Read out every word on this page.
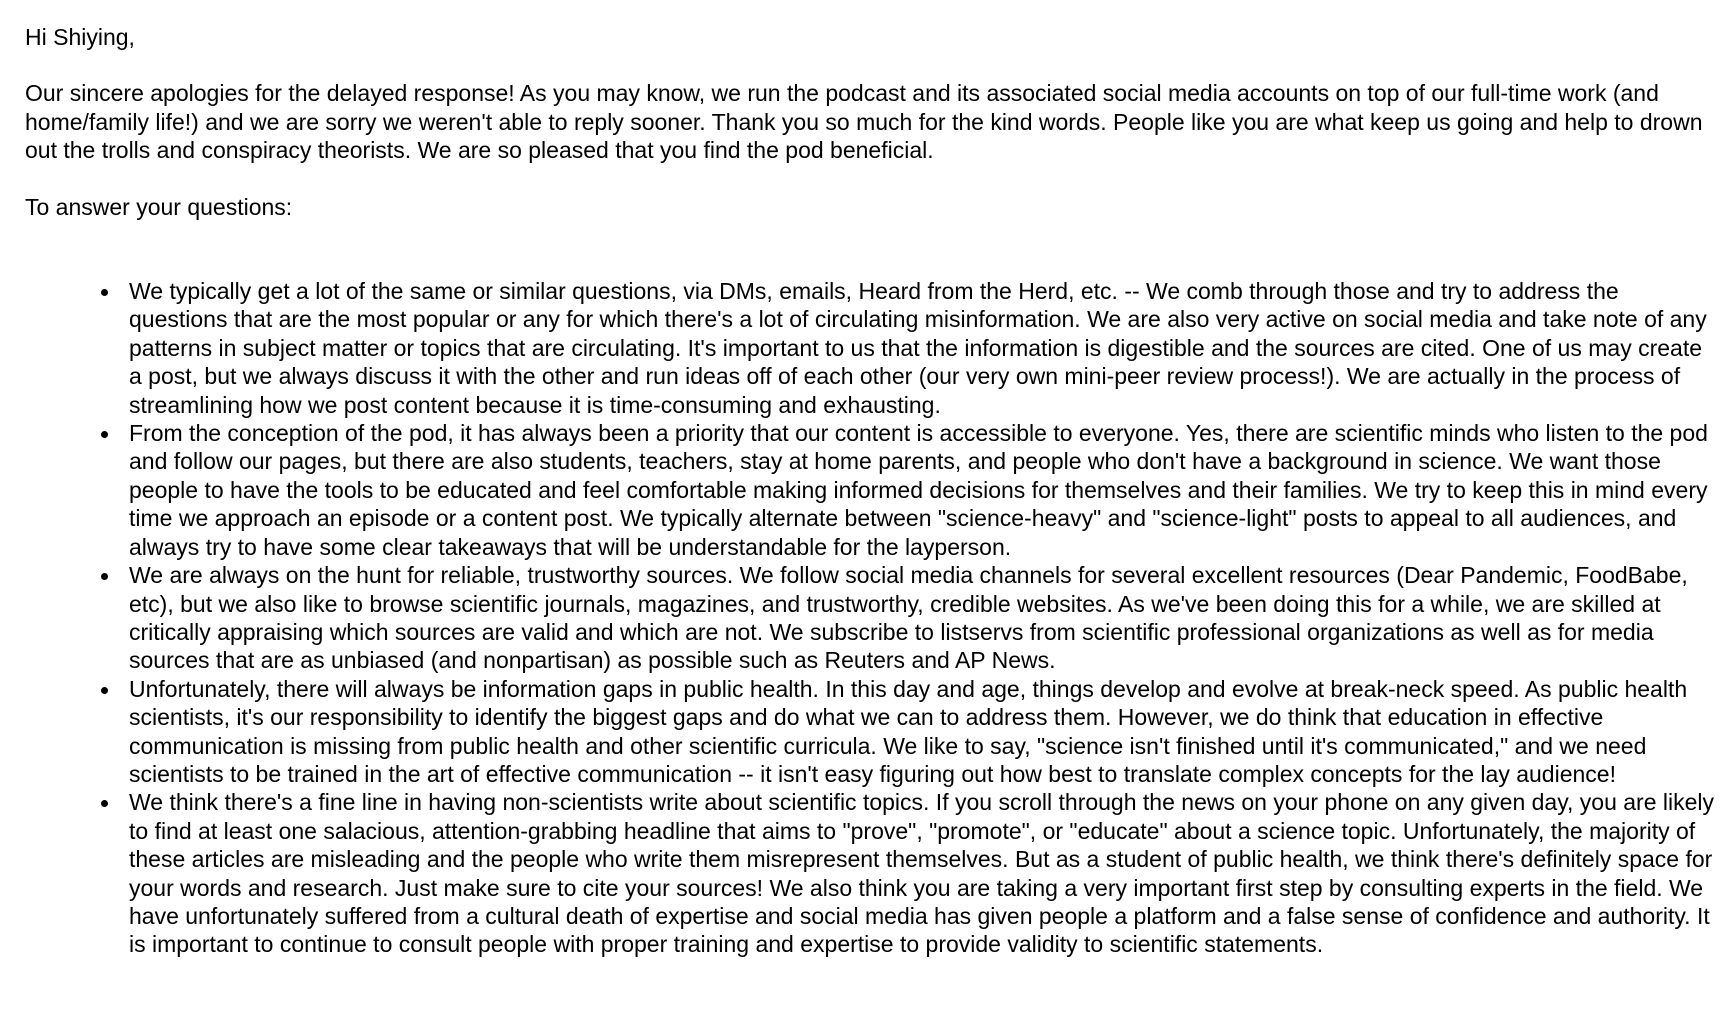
Hi Shiying,

Our sincere apologies for the delayed response! As you may know, we run the podcast and its associated social media accounts on top of our full-time work (and home/family life!) and we are sorry we weren't able to reply sooner. Thank you so much for the kind words. People like you are what keep us going and help to drown out the trolls and conspiracy theorists. We are so pleased that you find the pod beneficial.

To answer your questions:

We typically get a lot of the same or similar questions, via DMs, emails, Heard from the Herd, etc. -- We comb through those and try to address the questions that are the most popular or any for which there's a lot of circulating misinformation. We are also very active on social media and take note of any patterns in subject matter or topics that are circulating. It's important to us that the information is digestible and the sources are cited. One of us may create a post, but we always discuss it with the other and run ideas off of each other (our very own mini-peer review process!). We are actually in the process of streamlining how we post content because it is time-consuming and exhausting.
From the conception of the pod, it has always been a priority that our content is accessible to everyone. Yes, there are scientific minds who listen to the pod and follow our pages, but there are also students, teachers, stay at home parents, and people who don't have a background in science. We want those people to have the tools to be educated and feel comfortable making informed decisions for themselves and their families. We try to keep this in mind every time we approach an episode or a content post. We typically alternate between "science-heavy" and "science-light" posts to appeal to all audiences, and always try to have some clear takeaways that will be understandable for the layperson.
We are always on the hunt for reliable, trustworthy sources. We follow social media channels for several excellent resources (Dear Pandemic, FoodBabe, etc), but we also like to browse scientific journals, magazines, and trustworthy, credible websites. As we've been doing this for a while, we are skilled at critically appraising which sources are valid and which are not. We subscribe to listservs from scientific professional organizations as well as for media sources that are as unbiased (and nonpartisan) as possible such as Reuters and AP News.
Unfortunately, there will always be information gaps in public health. In this day and age, things develop and evolve at break-neck speed. As public health scientists, it's our responsibility to identify the biggest gaps and do what we can to address them. However, we do think that education in effective communication is missing from public health and other scientific curricula. We like to say, "science isn't finished until it's communicated," and we need scientists to be trained in the art of effective communication -- it isn't easy figuring out how best to translate complex concepts for the lay audience!
We think there's a fine line in having non-scientists write about scientific topics. If you scroll through the news on your phone on any given day, you are likely to find at least one salacious, attention-grabbing headline that aims to "prove", "promote", or "educate" about a science topic. Unfortunately, the majority of these articles are misleading and the people who write them misrepresent themselves. But as a student of public health, we think there's definitely space for your words and research. Just make sure to cite your sources! We also think you are taking a very important first step by consulting experts in the field. We have unfortunately suffered from a cultural death of expertise and social media has given people a platform and a false sense of confidence and authority. It is important to continue to consult people with proper training and expertise to provide validity to scientific statements.
